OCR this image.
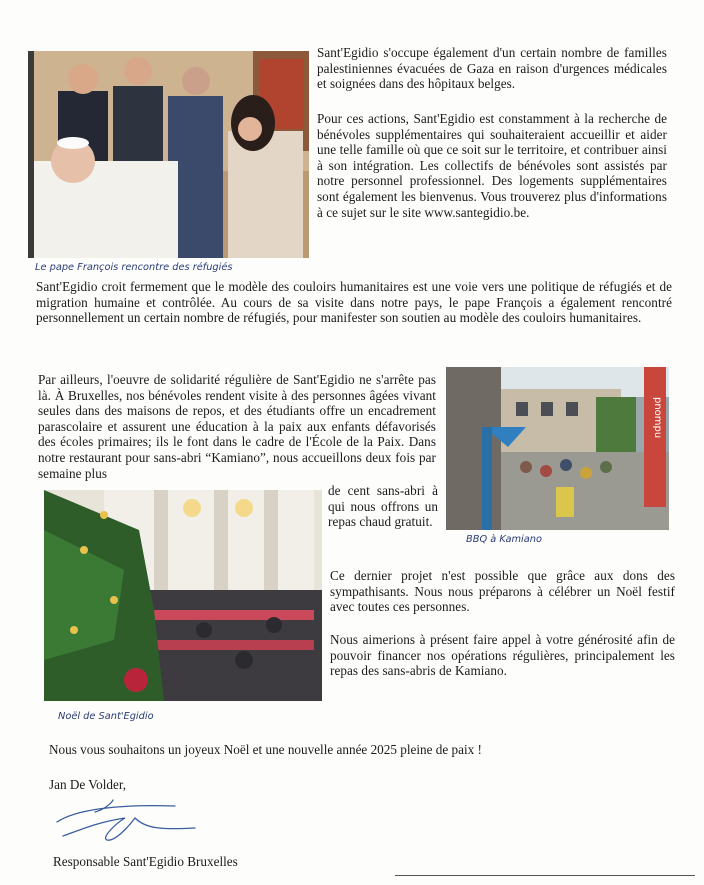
Le pape François rencontre des réfugiés
Sant'Egidio s'occupe également d'un certain nombre de familles palestiniennes évacuées de Gaza en raison d'urgences médicales et soignées dans des hôpitaux belges.
Pour ces actions, Sant'Egidio est constamment à la recherche de bénévoles supplémentaires qui souhaiteraient accueillir et aider une telle famille où que ce soit sur le territoire, et contribuer ainsi à son intégration. Les collectifs de bénévoles sont assistés par notre personnel professionnel. Des logements supplémentaires sont également les bienvenus. Vous trouverez plus d'informations à ce sujet sur le site www.santegidio.be.
Sant'Egidio croit fermement que le modèle des couloirs humanitaires est une voie vers une politique de réfugiés et de migration humaine et contrôlée. Au cours de sa visite dans notre pays, le pape François a également rencontré personnellement un certain nombre de réfugiés, pour manifester son soutien au modèle des couloirs humanitaires.
Par ailleurs, l'oeuvre de solidarité régulière de Sant'Egidio ne s'arrête pas là. À Bruxelles, nos bénévoles rendent visite à des personnes âgées vivant seules dans des maisons de repos, et des étudiants offre un encadrement parascolaire et assurent une éducation à la paix aux enfants défavorisés des écoles primaires; ils le font dans le cadre de l'École de la Paix. Dans notre restaurant pour sans-abri “Kamiano”, nous accueillons deux fois par semaine plus
de cent sans-abri à qui nous offrons un repas chaud gratuit.
pnompu
BBQ à Kamiano
Noël de Sant'Egidio
Ce dernier projet n'est possible que grâce aux dons des sympathisants. Nous nous préparons à célébrer un Noël festif avec toutes ces personnes.
Nous aimerions à présent faire appel à votre générosité afin de pouvoir financer nos opérations régulières, principalement les repas des sans-abris de Kamiano.
Nous vous souhaitons un joyeux Noël et une nouvelle année 2025 pleine de paix !
Jan De Volder,
Responsable Sant'Egidio Bruxelles
